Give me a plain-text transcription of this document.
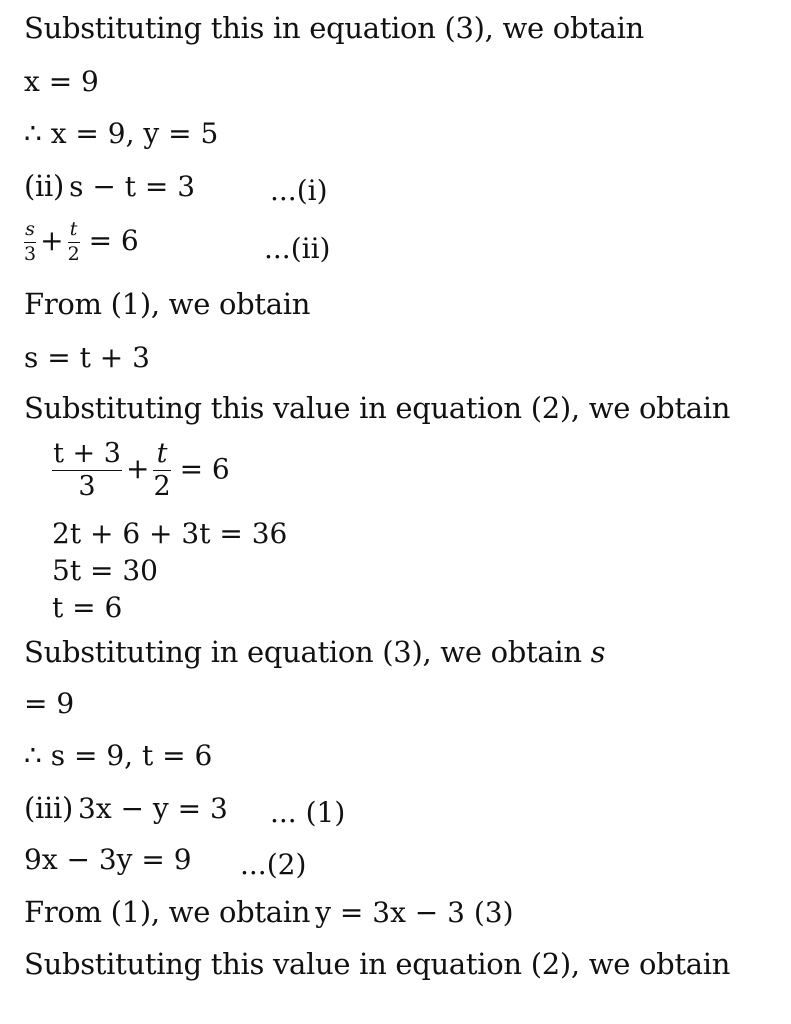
Substituting this in equation (3), we obtain
x = 9
∴ x = 9, y = 5
(ii) s − t = 3	...(i)
$\frac{s}{3} + \frac{t}{2} = 6$	...(ii)
From (1), we obtain
s = t + 3
Substituting this value in equation (2), we obtain
$\frac{t + 3}{3} + \frac{t}{2} = 6$
2t + 6 + 3t = 36
5t = 30
t = 6
Substituting in equation (3), we obtain s
= 9
∴ s = 9, t = 6
(iii) 3x − y = 3 ... (1)
9x − 3y = 9 ...(2)
From (1), we obtain y = 3x − 3 (3)
Substituting this value in equation (2), we obtain
